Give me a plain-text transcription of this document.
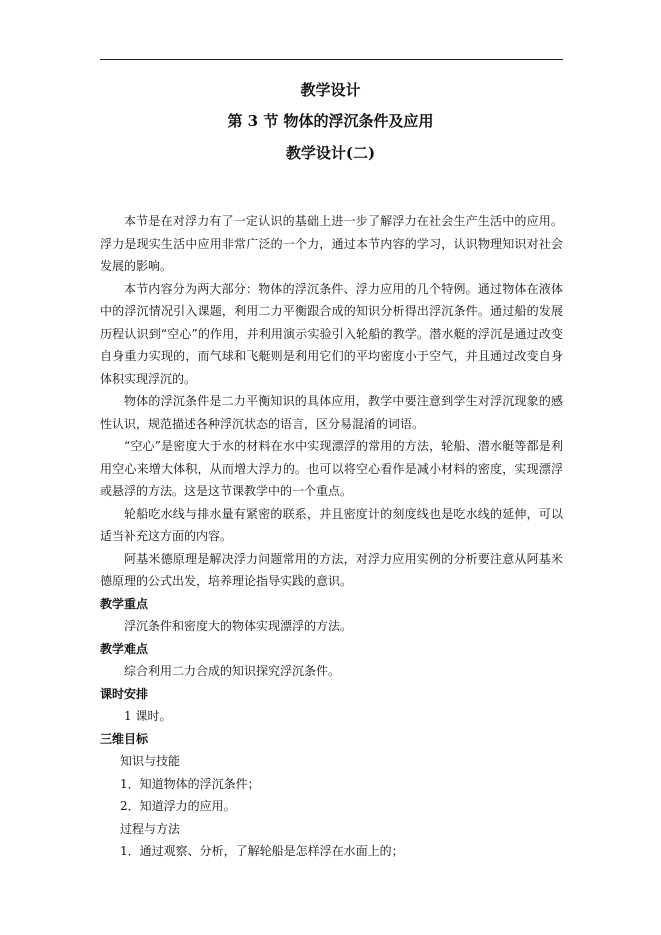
教学设计
第 3 节 物体的浮沉条件及应用
教学设计(二)

本节是在对浮力有了一定认识的基础上进一步了解浮力在社会生产生活中的应用。浮力是现实生活中应用非常广泛的一个力，通过本节内容的学习，认识物理知识对社会发展的影响。

本节内容分为两大部分：物体的浮沉条件、浮力应用的几个特例。通过物体在液体中的浮沉情况引入课题，利用二力平衡跟合成的知识分析得出浮沉条件。通过船的发展历程认识到“空心”的作用，并利用演示实验引入轮船的教学。潜水艇的浮沉是通过改变自身重力实现的，而气球和飞艇则是利用它们的平均密度小于空气，并且通过改变自身体积实现浮沉的。

物体的浮沉条件是二力平衡知识的具体应用，教学中要注意到学生对浮沉现象的感性认识，规范描述各种浮沉状态的语言，区分易混淆的词语。

“空心”是密度大于水的材料在水中实现漂浮的常用的方法，轮船、潜水艇等都是利用空心来增大体积，从而增大浮力的。也可以将空心看作是减小材料的密度，实现漂浮或悬浮的方法。这是这节课教学中的一个重点。

轮船吃水线与排水量有紧密的联系，并且密度计的刻度线也是吃水线的延伸，可以适当补充这方面的内容。

阿基米德原理是解决浮力问题常用的方法，对浮力应用实例的分析要注意从阿基米德原理的公式出发，培养理论指导实践的意识。

教学重点

浮沉条件和密度大的物体实现漂浮的方法。

教学难点

综合利用二力合成的知识探究浮沉条件。

课时安排

1 课时。

三维目标

知识与技能

1．知道物体的浮沉条件；

2．知道浮力的应用。

过程与方法

1．通过观察、分析，了解轮船是怎样浮在水面上的；
